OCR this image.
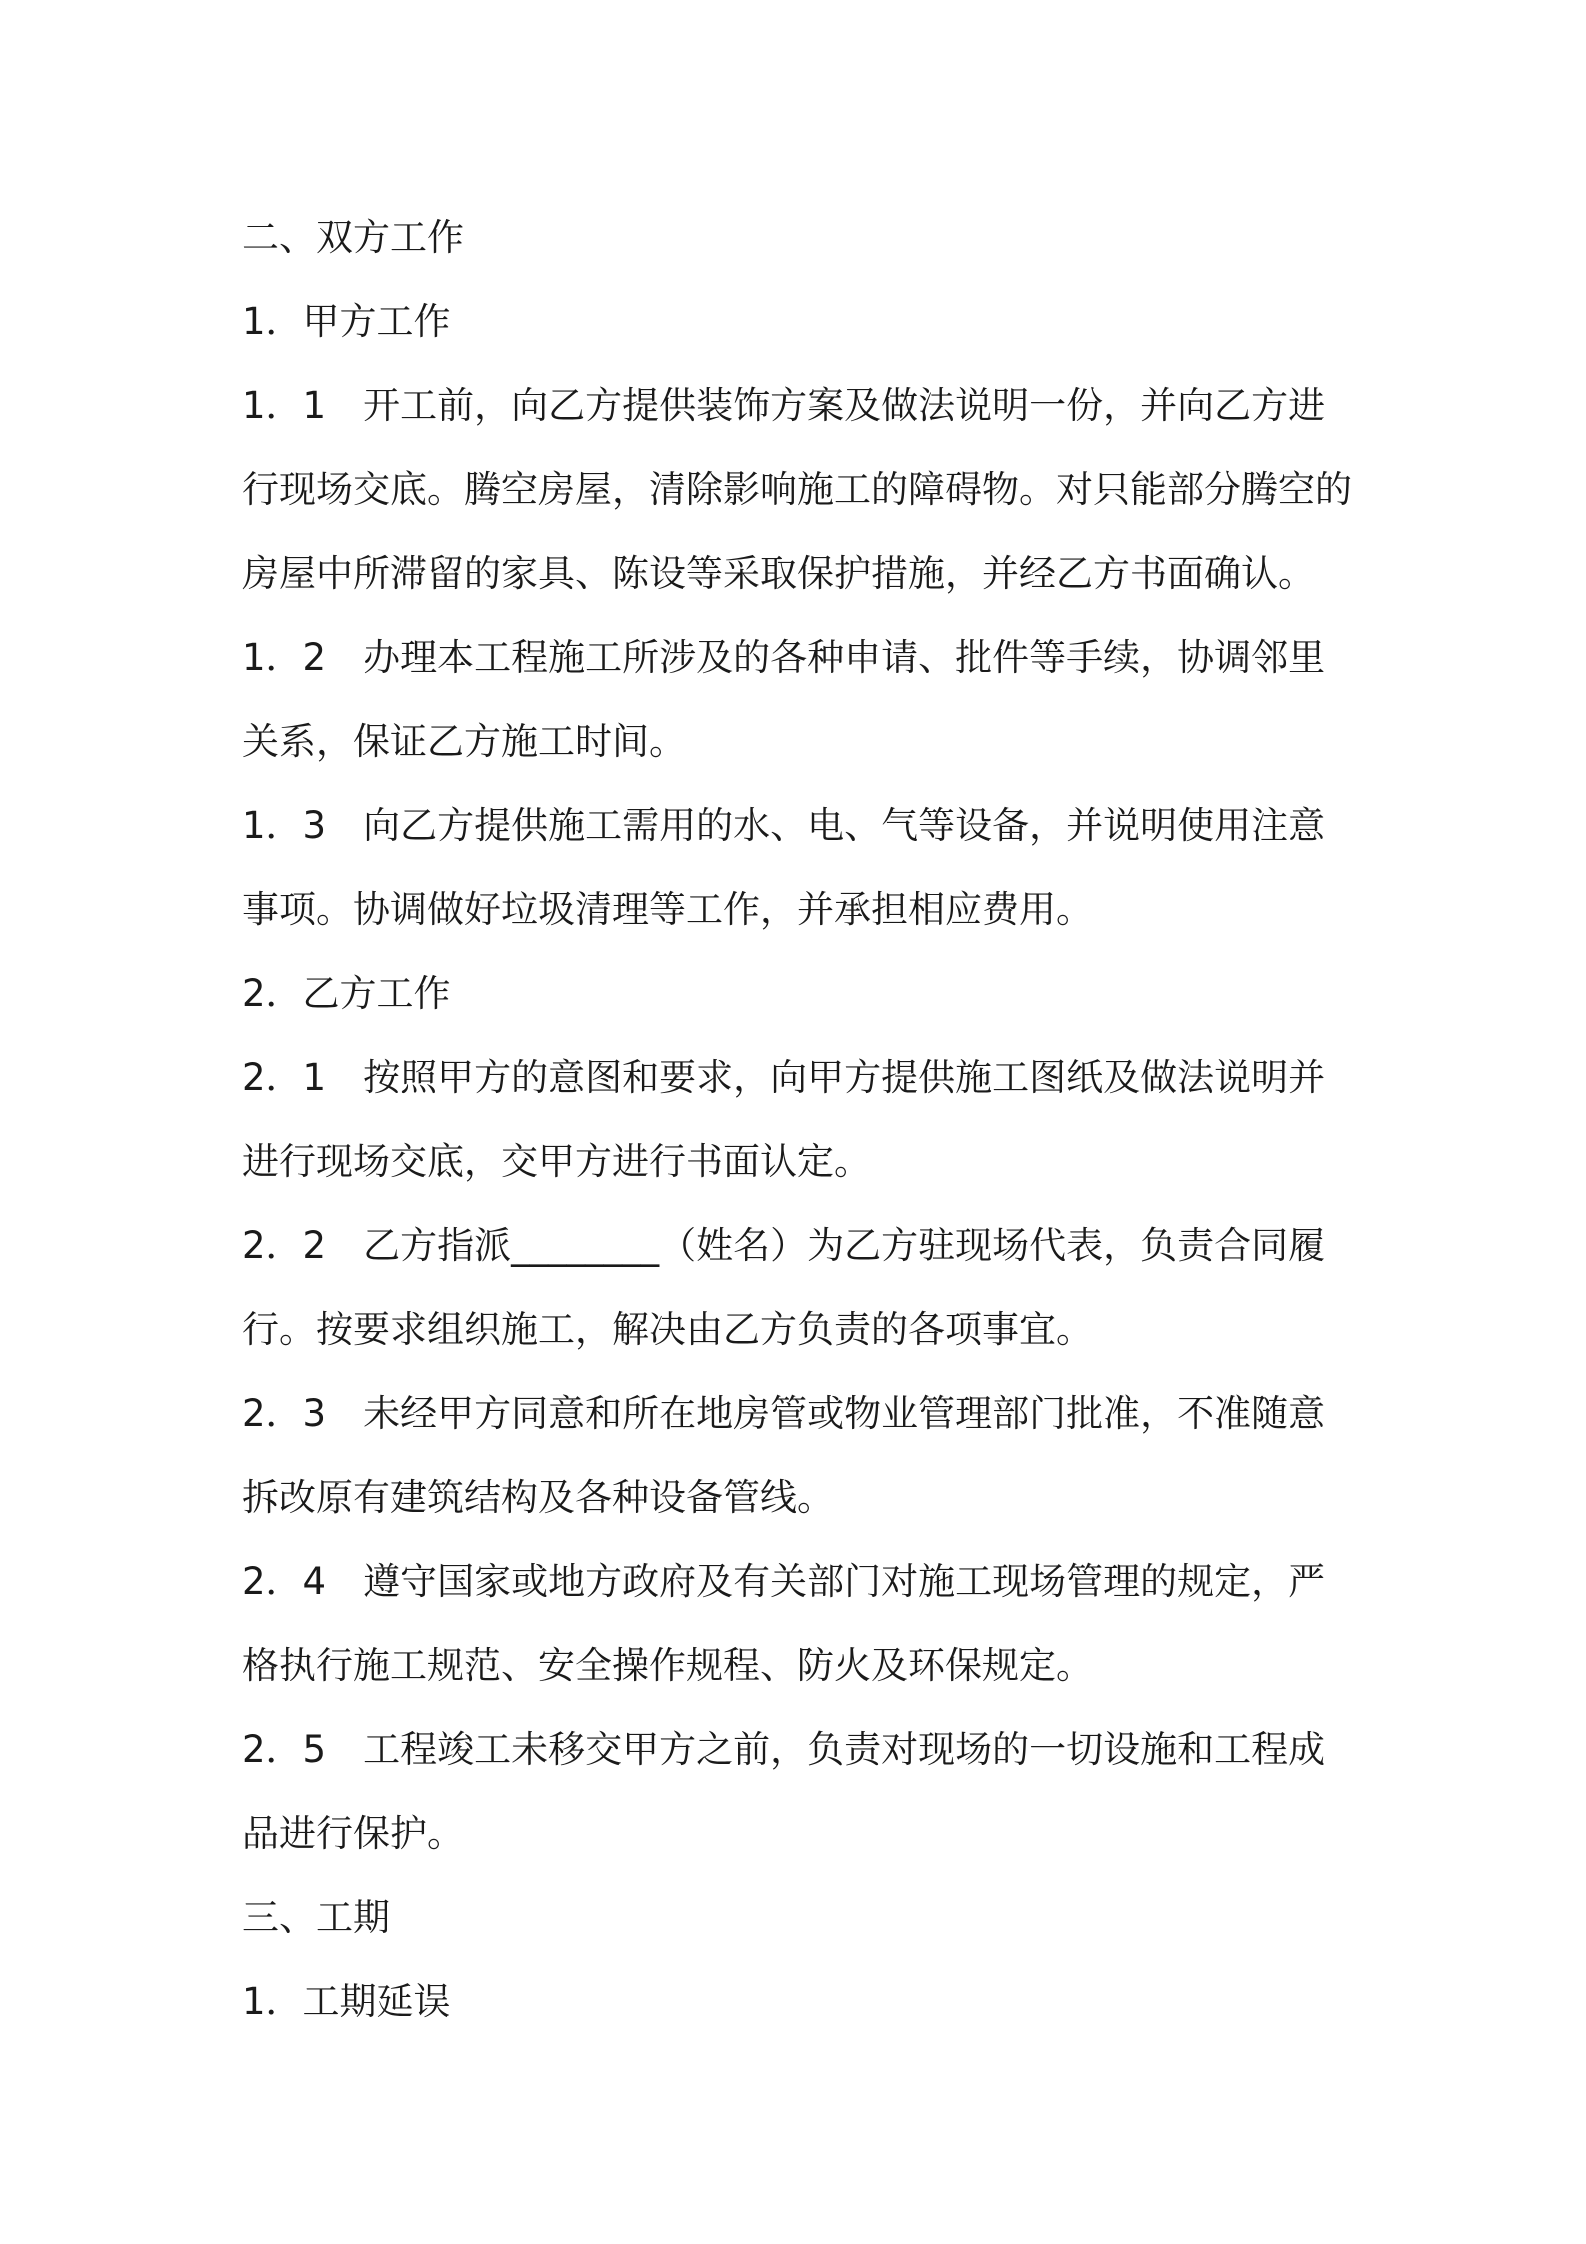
二、双方工作
1．甲方工作
1．1　开工前，向乙方提供装饰方案及做法说明一份，并向乙方进
行现场交底。腾空房屋，清除影响施工的障碍物。对只能部分腾空的
房屋中所滞留的家具、陈设等采取保护措施，并经乙方书面确认。
1．2　办理本工程施工所涉及的各种申请、批件等手续，协调邻里
关系，保证乙方施工时间。
1．3　向乙方提供施工需用的水、电、气等设备，并说明使用注意
事项。协调做好垃圾清理等工作，并承担相应费用。
2．乙方工作
2．1　按照甲方的意图和要求，向甲方提供施工图纸及做法说明并
进行现场交底，交甲方进行书面认定。
2．2　乙方指派________（姓名）为乙方驻现场代表，负责合同履
行。按要求组织施工，解决由乙方负责的各项事宜。
2．3　未经甲方同意和所在地房管或物业管理部门批准，不准随意
拆改原有建筑结构及各种设备管线。
2．4　遵守国家或地方政府及有关部门对施工现场管理的规定，严
格执行施工规范、安全操作规程、防火及环保规定。
2．5　工程竣工未移交甲方之前，负责对现场的一切设施和工程成
品进行保护。
三、工期
1．工期延误
